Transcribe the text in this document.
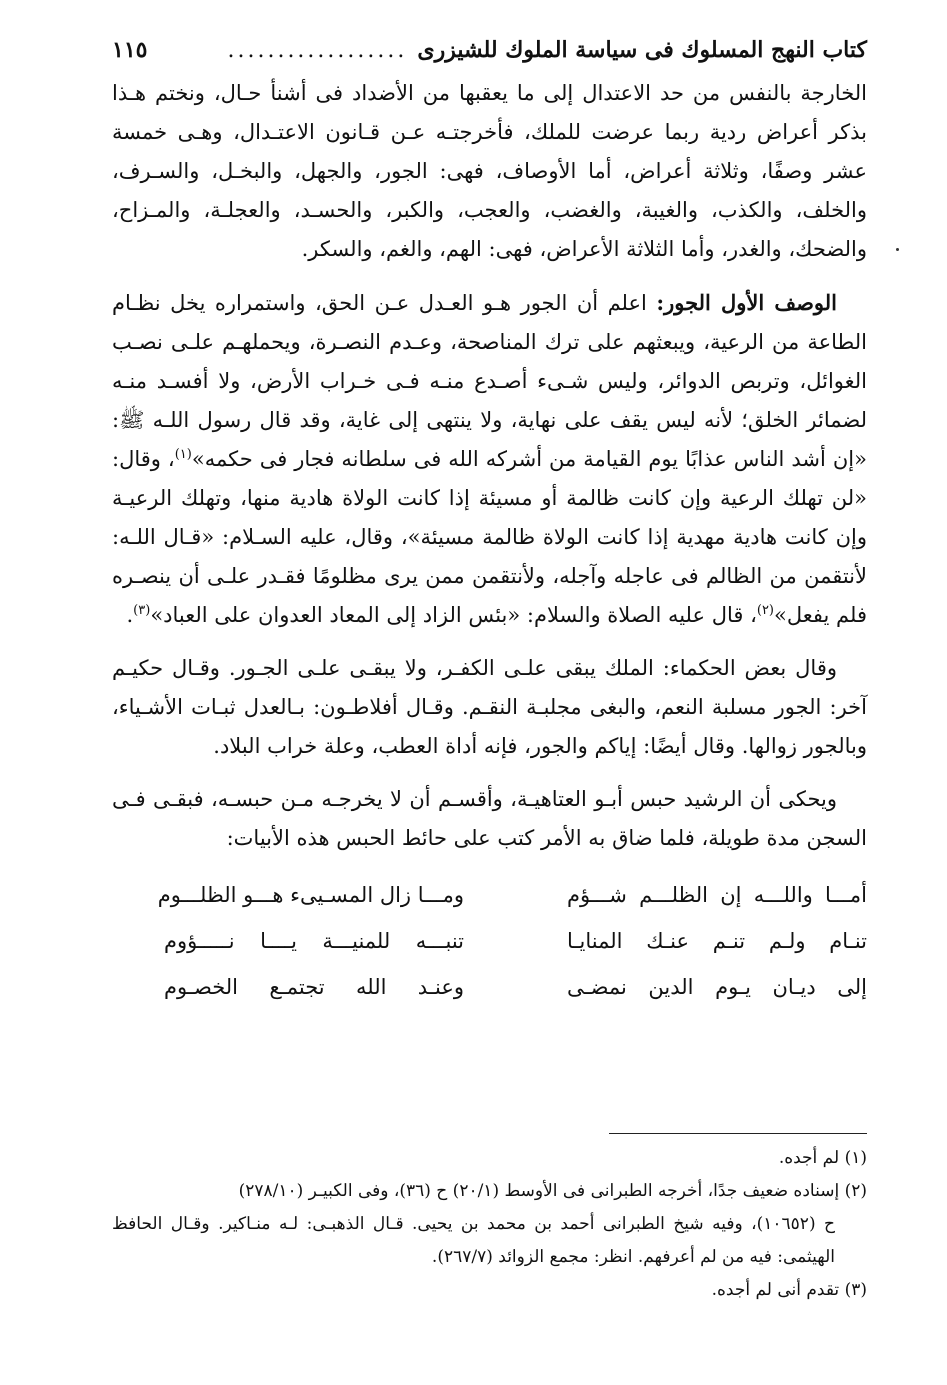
كتاب النهج المسلوك فى سياسة الملوك للشيزرى
..................
١١٥

الخارجة بالنفس من حد الاعتدال إلى ما يعقبها من الأضداد فى أشنأ حـال، ونختم هـذا بذكر أعراض ردية ربما عرضت للملك، فأخرجتـه عـن قـانون الاعتـدال، وهـى خمسة عشر وصفًا، وثلاثة أعراض، أما الأوصاف، فهى: الجور، والجهل، والبخـل، والسـرف، والخلف، والكذب، والغيبة، والغضب، والعجب، والكبر، والحسـد، والعجلـة، والمـزاح، والضحك، والغدر، وأما الثلاثة الأعراض، فهى: الهم، والغم، والسكر.

الوصف الأول الجور: اعلم أن الجور هـو العـدل عـن الحق، واستمراره يخل نظـام الطاعة من الرعية، ويبعثهم على ترك المناصحة، وعـدم النصـرة، ويحملهـم علـى نصـب الغوائل، وتربص الدوائر، وليس شـىء أصـدع منـه فـى خـراب الأرض، ولا أفسـد منـه لضمائر الخلق؛ لأنه ليس يقف على نهاية، ولا ينتهى إلى غاية، وقد قال رسول اللـه ﷺ: «إن أشد الناس عذابًا يوم القيامة من أشركه الله فى سلطانه فجار فى حكمه»$^{(١)}$، وقال: «لن تهلك الرعية وإن كانت ظالمة أو مسيئة إذا كانت الولاة هادية منها، وتهلك الرعيـة وإن كانت هادية مهدية إذا كانت الولاة ظالمة مسيئة»، وقال، عليه السـلام: «قـال اللـه: لأنتقمن من الظالم فى عاجله وآجله، ولأنتقمن ممن يرى مظلومًا فقـدر علـى أن ينصـره فلم يفعل»$^{(٢)}$، قال عليه الصلاة والسلام: «بئس الزاد إلى المعاد العدوان على العباد»$^{(٣)}$.

وقال بعض الحكماء: الملك يبقى علـى الكفـر، ولا يبقـى علـى الجـور. وقـال حكيـم آخر: الجور مسلبة النعم، والبغى مجلبـة النقـم. وقـال أفلاطـون: بـالعدل ثبـات الأشـياء، وبالجور زوالها. وقال أيضًا: إياكم والجور، فإنه أداة العطب، وعلة خراب البلاد.

ويحكى أن الرشيد حبس أبـو العتاهيـة، وأقسـم أن لا يخرجـه مـن حبسـه، فبقـى فـى السجن مدة طويلة، فلما ضاق به الأمر كتب على حائط الحبس هذه الأبيات:

أمـــا واللـــه إن الظلـــم شـــؤم
ومـــا زال المسـيىء هـــو الظلـــوم
تنـام ولـم تنـم عنـك المنايـا
تنبـــه للمنيـــة يــــا نـــــؤوم
إلى ديـان يـوم الدين نمضـى
وعنـد الله تجتمـع الخصـوم

(١) لم أجده.

(٢) إسناده ضعيف جدًا، أخرجه الطبرانى فى الأوسط (٢٠/١) ح (٣٦)، وفى الكبيـر (٢٧٨/١٠)

ح (١٠٦٥٢)، وفيه شيخ الطبرانى أحمد بن محمد بن يحيى. قـال الذهبـى: لـه منـاكير. وقـال الحافظ الهيثمى: فيه من لم أعرفهم. انظر: مجمع الزوائد (٢٦٧/٧).

(٣) تقدم أنى لم أجده.
